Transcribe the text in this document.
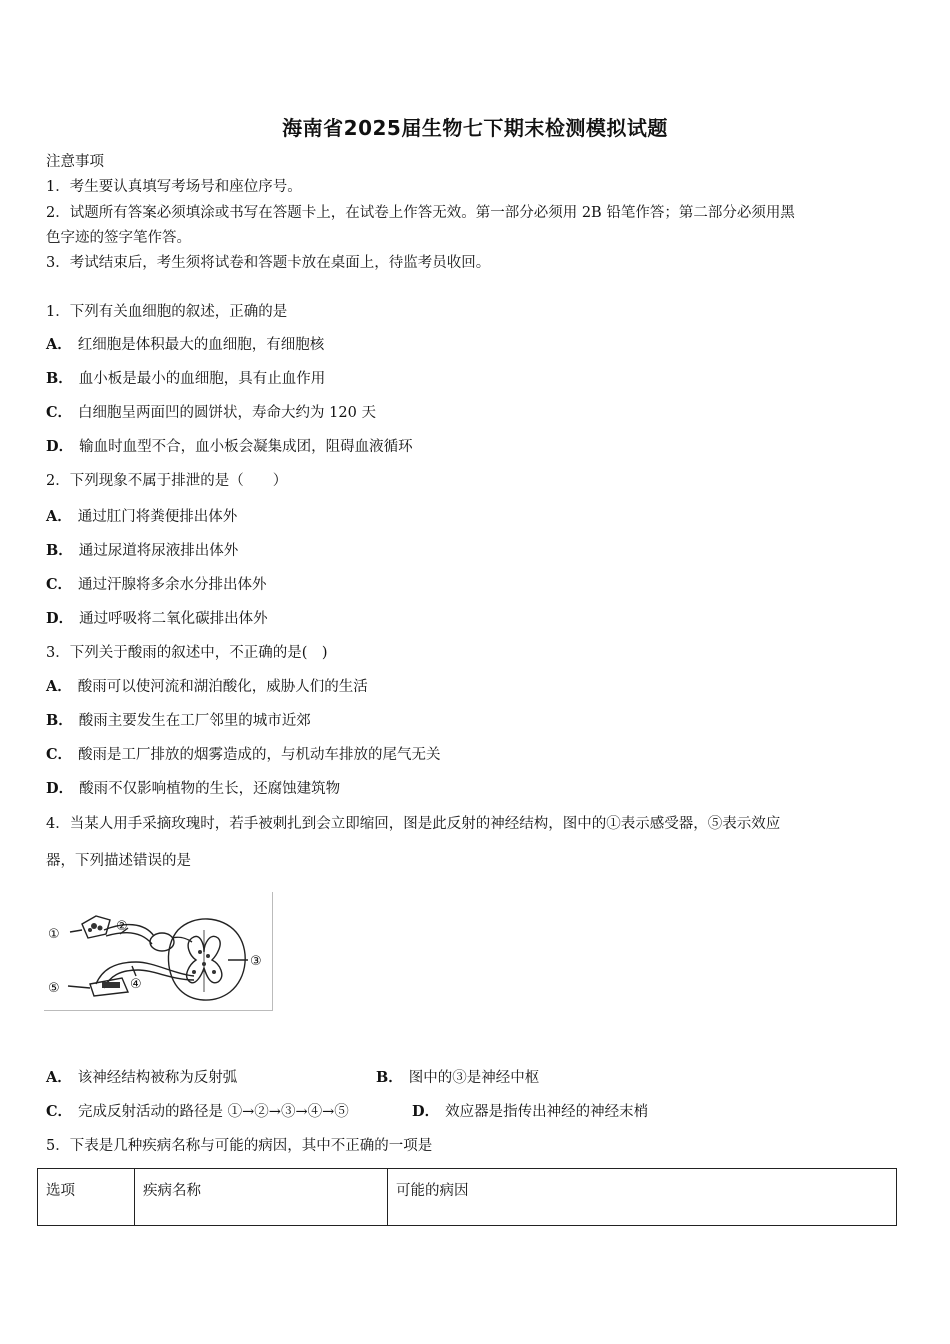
海南省2025届生物七下期末检测模拟试题
注意事项
1．考生要认真填写考场号和座位序号。
2．试题所有答案必须填涂或书写在答题卡上，在试卷上作答无效。第一部分必须用 2B 铅笔作答；第二部分必须用黑
色字迹的签字笔作答。
3．考试结束后，考生须将试卷和答题卡放在桌面上，待监考员收回。
1．下列有关血细胞的叙述，正确的是
A． 红细胞是体积最大的血细胞，有细胞核
B． 血小板是最小的血细胞，具有止血作用
C． 白细胞呈两面凹的圆饼状，寿命大约为 120 天
D． 输血时血型不合，血小板会凝集成团，阻碍血液循环
2．下列现象不属于排泄的是（　　）
A． 通过肛门将粪便排出体外
B． 通过尿道将尿液排出体外
C． 通过汗腺将多余水分排出体外
D． 通过呼吸将二氧化碳排出体外
3．下列关于酸雨的叙述中，不正确的是(　)
A． 酸雨可以使河流和湖泊酸化，威胁人们的生活
B． 酸雨主要发生在工厂邻里的城市近郊
C． 酸雨是工厂排放的烟雾造成的，与机动车排放的尾气无关
D． 酸雨不仅影响植物的生长，还腐蚀建筑物
4．当某人用手采摘玫瑰时，若手被刺扎到会立即缩回，图是此反射的神经结构，图中的①表示感受器，⑤表示效应
器，下列描述错误的是
①
②
③
④
⑤
A． 该神经结构被称为反射弧	B． 图中的③是神经中枢
C． 完成反射活动的路径是 ①→②→③→④→⑤	D． 效应器是指传出神经的神经末梢
5．下表是几种疾病名称与可能的病因，其中不正确的一项是
选项	疾病名称	可能的病因
